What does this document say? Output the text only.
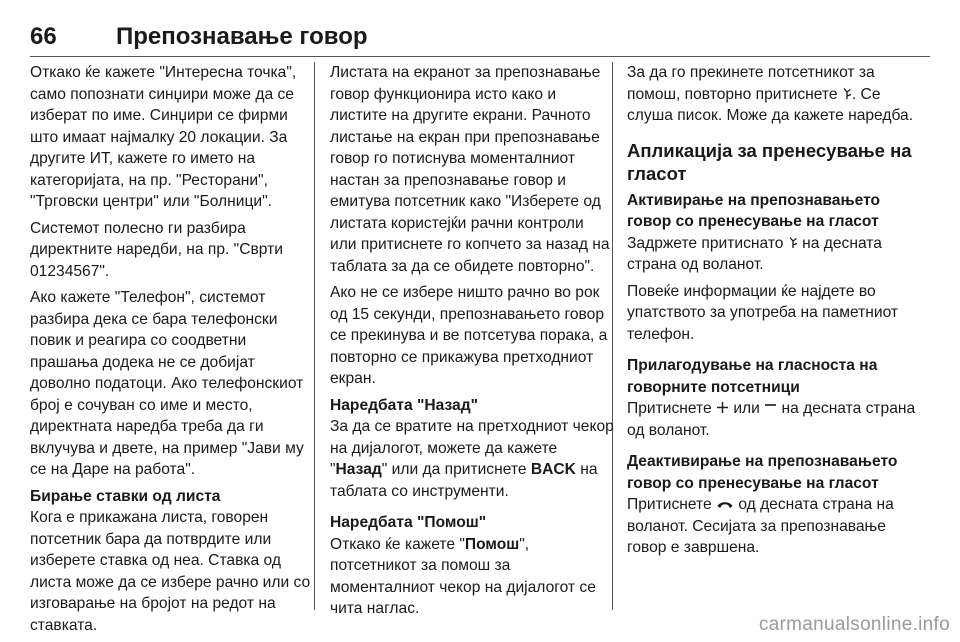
66 Препознавање говор

Откако ќе кажете "Интересна точка", само попознати синџири може да се изберат по име. Синџири се фирми што имаат најмалку 20 локации. За другите ИТ, кажете го името на категоријата, на пр. "Ресторани", "Трговски центри" или "Болници".

Системот полесно ги разбира директните наредби, на пр. "Сврти 01234567".

Ако кажете "Телефон", системот разбира дека се бара телефонски повик и реагира со соодветни прашања додека не се добијат доволно податоци. Ако телефонскиот број е сочуван со име и место, директната наредба треба да ги вклучува и двете, на пример "Јави му се на Даре на работа".

Бирање ставки од листа

Кога е прикажана листа, говорен потсетник бара да потврдите или изберете ставка од неа. Ставка од листа може да се избере рачно или со изговарање на бројот на редот на ставката.

Листата на екранот за препознавање говор функционира исто како и листите на другите екрани. Рачното листање на екран при препознавање говор го потиснува моменталниот настан за препознавање говор и емитува потсетник како "Изберете од листата користејќи рачни контроли или притиснете го копчето за назад на таблата за да се обидете повторно".

Ако не се избере ништо рачно во рок од 15 секунди, препознавањето говор се прекинува и ве потсетува порака, а повторно се прикажува претходниот екран.

Наредбата "Назад"

За да се вратите на претходниот чекор на дијалогот, можете да кажете "Назад" или да притиснете BACK на таблата со инструменти.

Наредбата "Помош"

Откако ќе кажете "Помош", потсетникот за помош за моменталниот чекор на дијалогот се чита наглас.

За да го прекинете потсетникот за помош, повторно притиснете . Се слуша писок. Може да кажете наредба.

Апликација за пренесување на гласот

Активирање на препознавањето говор со пренесување на гласот

Задржете притиснато  на десната страна од воланот.

Повеќе информации ќе најдете во упатството за употреба на паметниот телефон.

Прилагодување на гласноста на говорните потсетници

Притиснете  или  на десната страна од воланот.

Деактивирање на препознавањето говор со пренесување на гласот

Притиснете  од десната страна на воланот. Сесијата за препознавање говор е завршена.

carmanualsonline.info
